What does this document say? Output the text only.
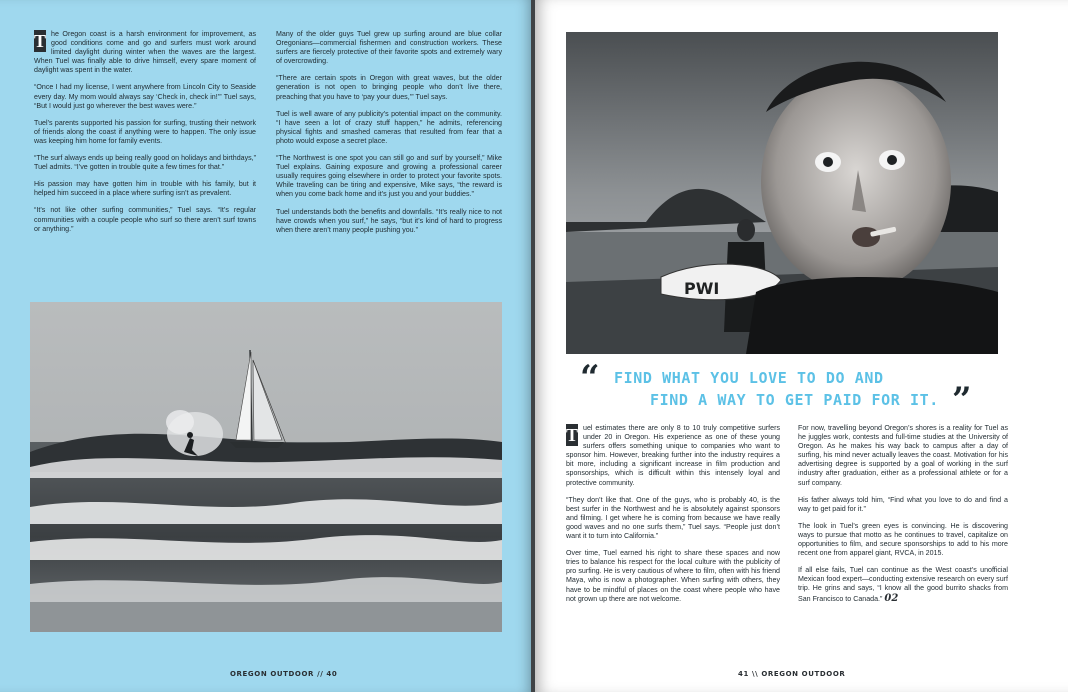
T he Oregon coast is a harsh environment for improvement, as good conditions come and go and surfers must work around limited daylight during winter when the waves are the largest. When Tuel was finally able to drive himself, every spare moment of daylight was spent in the water.

“Once I had my license, I went anywhere from Lincoln City to Seaside every day. My mom would always say ‘Check in, check in!’” Tuel says, “But I would just go wherever the best waves were.”

Tuel’s parents supported his passion for surfing, trusting their network of friends along the coast if anything were to happen. The only issue was keeping him home for family events.

“The surf always ends up being really good on holidays and birthdays,” Tuel admits. “I’ve gotten in trouble quite a few times for that.”

His passion may have gotten him in trouble with his family, but it helped him succeed in a place where surfing isn’t as prevalent.

“It’s not like other surfing communities,” Tuel says. “It’s regular communities with a couple people who surf so there aren’t surf towns or anything.”

Many of the older guys Tuel grew up surfing around are blue collar Oregonians—commercial fishermen and construction workers. These surfers are fiercely protective of their favorite spots and extremely wary of overcrowding.

“There are certain spots in Oregon with great waves, but the older generation is not open to bringing people who don’t live there, preaching that you have to ‘pay your dues,’” Tuel says.

Tuel is well aware of any publicity’s potential impact on the community. “I have seen a lot of crazy stuff happen,” he admits, referencing physical fights and smashed cameras that resulted from fear that a photo would expose a secret place.

“The Northwest is one spot you can still go and surf by yourself,” Mike Tuel explains. Gaining exposure and growing a professional career usually requires going elsewhere in order to protect your favorite spots. While traveling can be tiring and expensive, Mike says, “the reward is when you come back home and it’s just you and your buddies.”

Tuel understands both the benefits and downfalls. “It’s really nice to not have crowds when you surf,” he says, “but it’s kind of hard to progress when there aren’t many people pushing you.”

OREGON OUTDOOR // 40
PWI
“ FIND WHAT YOU LOVE TO DO AND
FIND A WAY TO GET PAID FOR IT. ”

T uel estimates there are only 8 to 10 truly competitive surfers under 20 in Oregon. His experience as one of these young surfers offers something unique to companies who want to sponsor him. However, breaking further into the industry requires a bit more, including a significant increase in film production and sponsorships, which is difficult within this intensely loyal and protective community.

“They don’t like that. One of the guys, who is probably 40, is the best surfer in the Northwest and he is absolutely against sponsors and filming. I get where he is coming from because we have really good waves and no one surfs them,” Tuel says. “People just don’t want it to turn into California.”

Over time, Tuel earned his right to share these spaces and now tries to balance his respect for the local culture with the publicity of pro surfing. He is very cautious of where to film, often with his friend Maya, who is now a photographer. When surfing with others, they have to be mindful of places on the coast where people who have not grown up there are not welcome.

For now, travelling beyond Oregon’s shores is a reality for Tuel as he juggles work, contests and full-time studies at the University of Oregon. As he makes his way back to campus after a day of surfing, his mind never actually leaves the coast. Motivation for his advertising degree is supported by a goal of working in the surf industry after graduation, either as a professional athlete or for a surf company.

His father always told him, “Find what you love to do and find a way to get paid for it.”

The look in Tuel’s green eyes is convincing. He is discovering ways to pursue that motto as he continues to travel, capitalize on opportunities to film, and secure sponsorships to add to his more recent one from apparel giant, RVCA, in 2015.

If all else fails, Tuel can continue as the West coast’s unofficial Mexican food expert—conducting extensive research on every surf trip. He grins and says, “I know all the good burrito shacks from San Francisco to Canada.” 02

41 \\ OREGON OUTDOOR
